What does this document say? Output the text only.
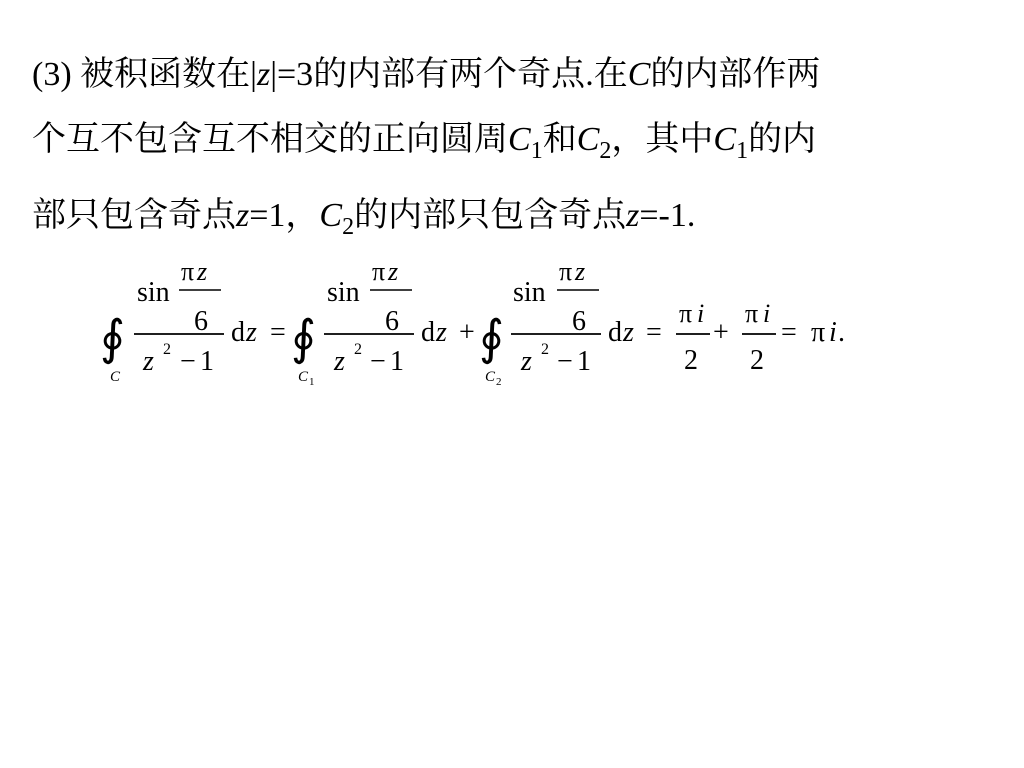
(3) 被积函数在|z|=3的内部有两个奇点.在C的内部作两
个互不包含互不相交的正向圆周$C_1$和$C_2$，其中$C_1$的内
部只包含奇点z=1，$C_2$的内部只包含奇点z=-1.
∮
C
sin
π z
6
z 2 − 1
d z = ∮
C 1
sin
π z
6
z 2 − 1
d z + ∮
C 2
sin
π z
6
z 2 − 1
d z =
π i
2
+
π i
2
= π i .
